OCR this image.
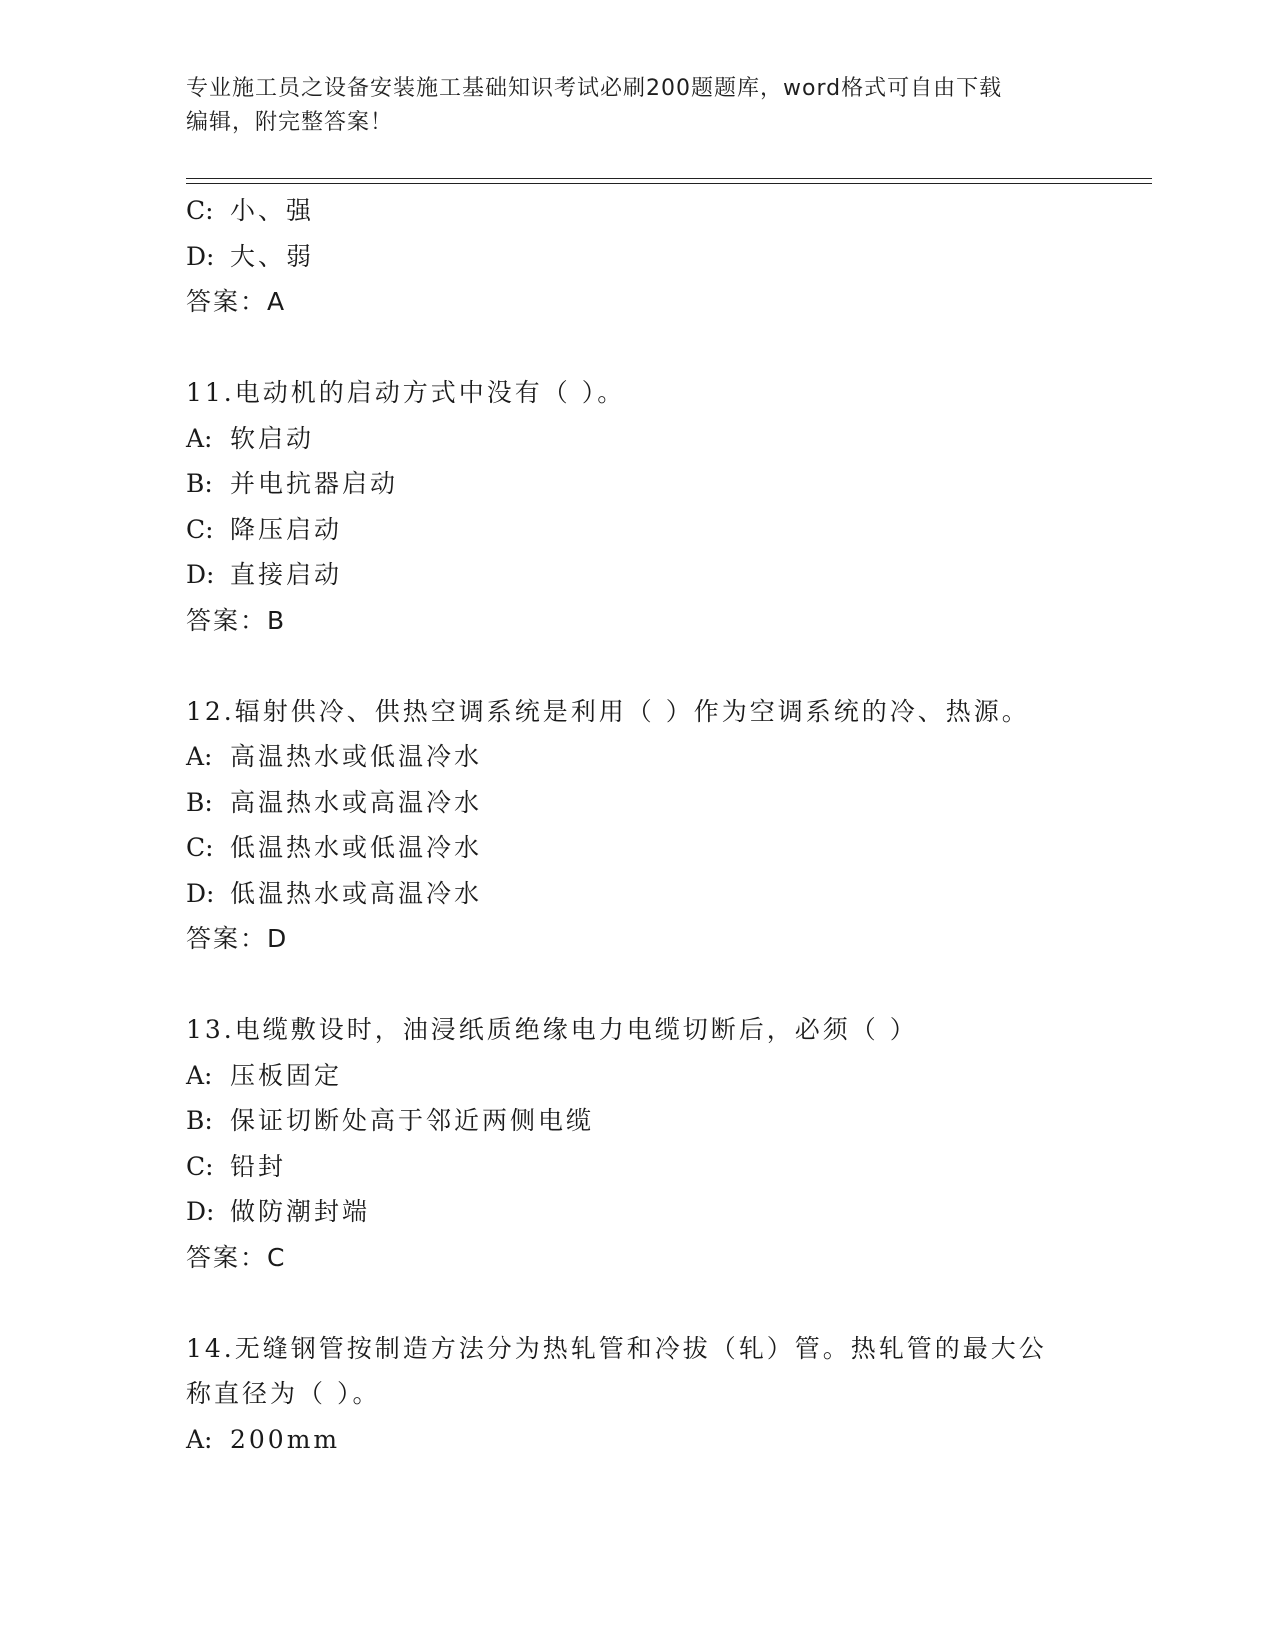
专业施工员之设备安装施工基础知识考试必刷200题题库，word格式可自由下载
编辑，附完整答案！
C: 小、强
D: 大、弱
答案：A
11.电动机的启动方式中没有（ ）。
A: 软启动
B: 并电抗器启动
C: 降压启动
D: 直接启动
答案：B
12.辐射供冷、供热空调系统是利用（ ）作为空调系统的冷、热源。
A: 高温热水或低温冷水
B: 高温热水或高温冷水
C: 低温热水或低温冷水
D: 低温热水或高温冷水
答案：D
13.电缆敷设时，油浸纸质绝缘电力电缆切断后，必须（ ）
A: 压板固定
B: 保证切断处高于邻近两侧电缆
C: 铅封
D: 做防潮封端
答案：C
14.无缝钢管按制造方法分为热轧管和冷拔（轧）管。热轧管的最大公
称直径为（ ）。
A: 200mm
